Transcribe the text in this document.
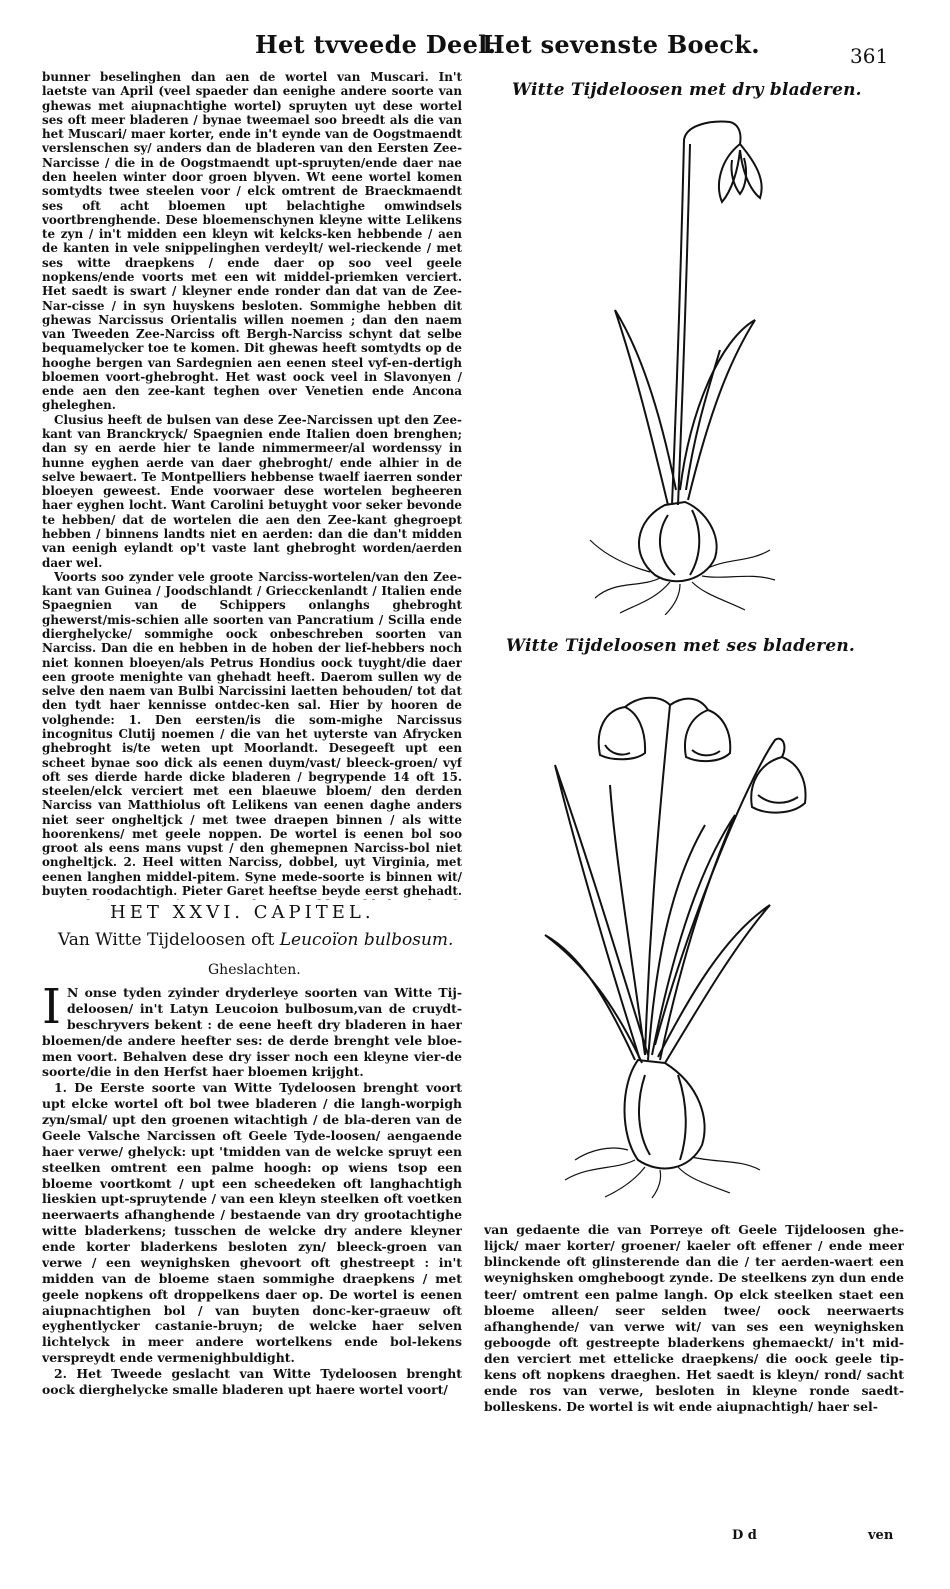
Het tvveede Deel.
Het sevenste Boeck.	361

bunner beselinghen dan aen de wortel van Muscari. In't laetste van April (veel spaeder dan eenighe andere soorte van ghewas met aiupnachtighe wortel) spruyten uyt dese wortel ses oft meer bladeren / bynae tweemael soo breedt als die van het Muscari/ maer korter, ende in't eynde van de Oogstmaendt verslenschen sy/ anders dan de bladeren van den Eersten Zee-Narcisse / die in de Oogstmaendt upt-spruyten/ende daer nae den heelen winter door groen blyven. Wt eene wortel komen somtydts twee steelen voor / elck omtrent de Braeckmaendt ses oft acht bloemen upt belachtighe omwindsels voortbrenghende. Dese bloemenschynen kleyne witte Lelikens te zyn / in't midden een kleyn wit kelcks-ken hebbende / aen de kanten in vele snippelinghen verdeylt/ wel-rieckende / met ses witte draepkens / ende daer op soo veel geele nopkens/ende voorts met een wit middel-priemken verciert. Het saedt is swart / kleyner ende ronder dan dat van de Zee-Nar-cisse / in syn huyskens besloten. Sommighe hebben dit ghewas Narcissus Orientalis willen noemen ; dan den naem van Tweeden Zee-Narciss oft Bergh-Narciss schynt dat selbe bequamelycker toe te komen. Dit ghewas heeft somtydts op de hooghe bergen van Sardegnien aen eenen steel vyf-en-dertigh bloemen voort-ghebroght. Het wast oock veel in Slavonyen / ende aen den zee-kant teghen over Venetien ende Ancona gheleghen.

Clusius heeft de bulsen van dese Zee-Narcissen upt den Zee-kant van Branckryck/ Spaegnien ende Italien doen brenghen; dan sy en aerde hier te lande nimmermeer/al wordenssy in hunne eyghen aerde van daer ghebroght/ ende alhier in de selve bewaert. Te Montpelliers hebbense twaelf iaerren sonder bloeyen geweest. Ende voorwaer dese wortelen begheeren haer eyghen locht. Want Carolini betuyght voor seker bevonde te hebben/ dat de wortelen die aen den Zee-kant ghegroept hebben / binnens landts niet en aerden: dan die dan't midden van eenigh eylandt op't vaste lant ghebroght worden/aerden daer wel.

Voorts soo zynder vele groote Narciss-wortelen/van den Zee-kant van Guinea / Joodschlandt / Griecckenlandt / Italien ende Spaegnien van de Schippers onlanghs ghebroght ghewerst/mis-schien alle soorten van Pancratium / Scilla ende dierghelycke/ sommighe oock onbeschreben soorten van Narciss. Dan die en hebben in de hoben der lief-hebbers noch niet konnen bloeyen/als Petrus Hondius oock tuyght/die daer een groote menighte van ghehadt heeft. Daerom sullen wy de selve den naem van Bulbi Narcissini laetten behouden/ tot dat den tydt haer kennisse ontdec-ken sal. Hier by hooren de volghende: 1. Den eersten/is die som-mighe Narcissus incognitus Clutij noemen / die van het uyterste van Afrycken ghebroght is/te weten upt Moorlandt. Desegeeft upt een scheet bynae soo dick als eenen duym/vast/ bleeck-groen/ vyf oft ses dierde harde dicke bladeren / begrypende 14 oft 15. steelen/elck verciert met een blaeuwe bloem/ den derden Narciss van Matthiolus oft Lelikens van eenen daghe anders niet seer ongheltjck / met twee draepen binnen / als witte hoorenkens/ met geele noppen. De wortel is eenen bol soo groot als eens mans vupst / den ghemepnen Narciss-bol niet ongheltjck. 2. Heel witten Narciss, dobbel, uyt Virginia, met eenen langhen middel-pitem. Syne mede-soorte is binnen wit/ buyten roodachtigh. Pieter Garet heeftse beyde eerst ghehadt.

HET XXVI. CAPITEL.
Van Witte Tijdeloosen oft Leucoïon bulbosum.
Gheslachten.
I N onse tyden zyinder dryderleye soorten van Witte Tij-deloosen/ in't Latyn Leucoion bulbosum,van de cruydt-beschryvers bekent : de eene heeft dry bladeren in haer bloemen/de andere heefter ses: de derde brenght vele bloe-men voort. Behalven dese dry isser noch een kleyne vier-de soorte/die in den Herfst haer bloemen krijght.

1. De Eerste soorte van Witte Tydeloosen brenght voort upt elcke wortel oft bol twee bladeren / die langh-worpigh zyn/smal/ upt den groenen witachtigh / de bla-deren van de Geele Valsche Narcissen oft Geele Tyde-loosen/ aengaende haer verwe/ ghelyck: upt 'tmidden van de welcke spruyt een steelken omtrent een palme hoogh: op wiens tsop een bloeme voortkomt / upt een scheedeken oft langhachtigh lieskien upt-spruytende / van een kleyn steelken oft voetken neerwaerts afhanghende / bestaende van dry grootachtighe witte bladerkens; tusschen de welcke dry andere kleyner ende korter bladerkens besloten zyn/ bleeck-groen van verwe / een weynighsken ghevoort oft ghestreept : in't midden van de bloeme staen sommighe draepkens / met geele nopkens oft droppelkens daer op. De wortel is eenen aiupnachtighen bol / van buyten donc-ker-graeuw oft eyghentlycker castanie-bruyn; de welcke haer selven lichtelyck in meer andere wortelkens ende bol-lekens verspreydt ende vermenighbuldight.

2. Het Tweede geslacht van Witte Tydeloosen brenght oock dierghelycke smalle bladeren upt haere wortel voort/

Witte Tijdeloosen met dry bladeren.
Witte Tijdeloosen met ses bladeren.
van gedaente die van Porreye oft Geele Tijdeloosen ghe-lijck/ maer korter/ groener/ kaeler oft effener / ende meer blinckende oft glinsterende dan die / ter aerden-waert een weynighsken omgheboogt zynde. De steelkens zyn dun ende teer/ omtrent een palme langh. Op elck steelken staet een bloeme alleen/ seer selden twee/ oock neerwaerts afhanghende/ van verwe wit/ van ses een weynighsken geboogde oft gestreepte bladerkens ghemaeckt/ in't mid-den verciert met ettelicke draepkens/ die oock geele tip-kens oft nopkens draeghen. Het saedt is kleyn/ rond/ sacht ende ros van verwe, besloten in kleyne ronde saedt-bolleskens. De wortel is wit ende aiupnachtigh/ haer sel-
D d	ven
